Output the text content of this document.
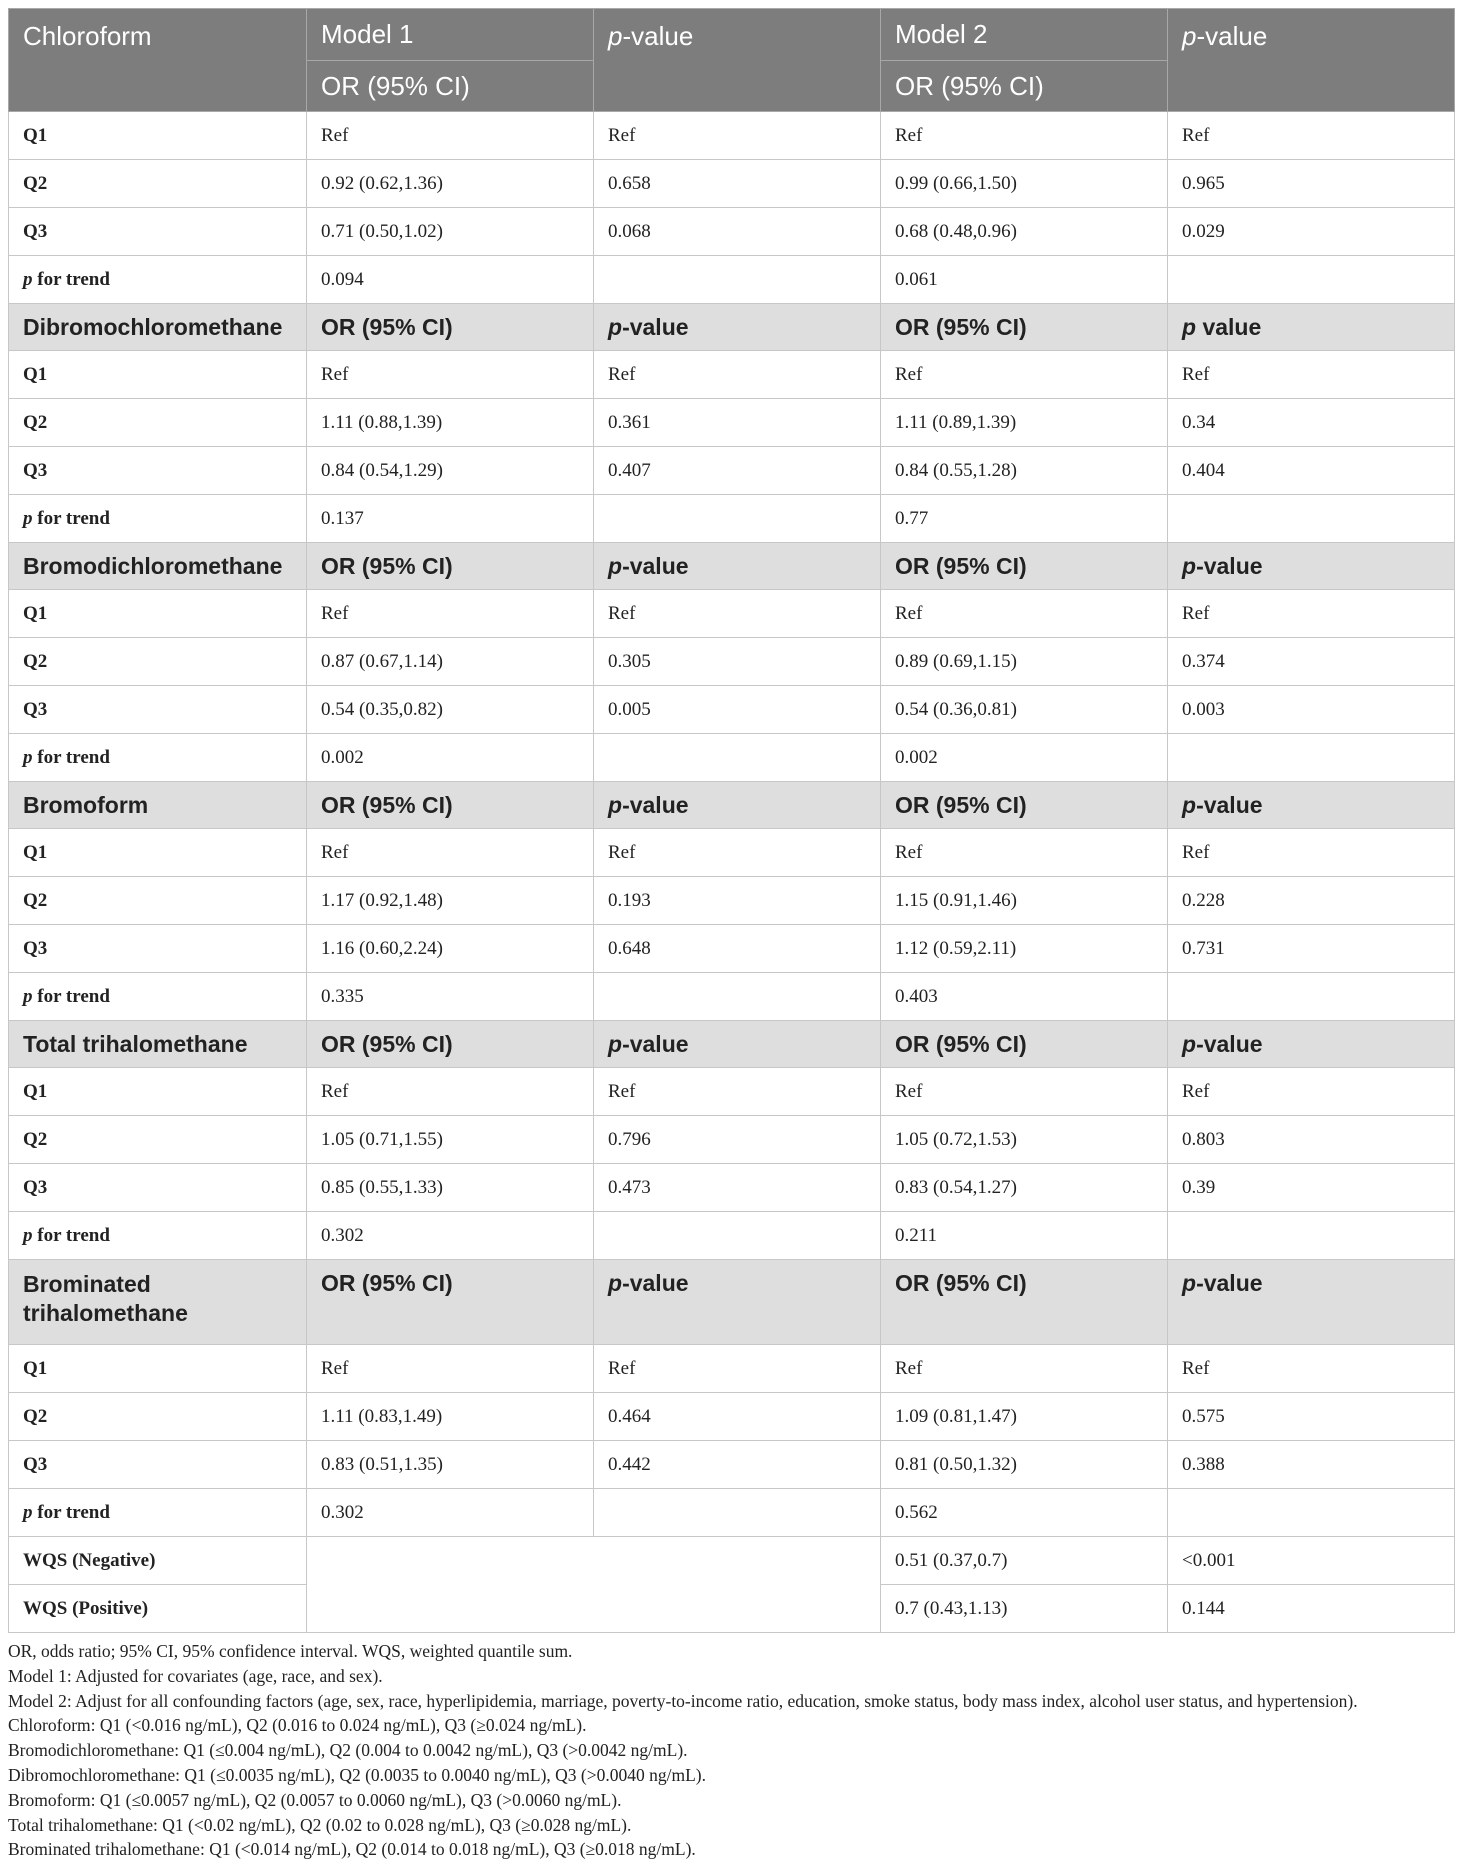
Chloroform	Model 1	p-value	Model 2	p-value
	OR (95% CI)		OR (95% CI)	
Q1	Ref	Ref	Ref	Ref
Q2	0.92 (0.62,1.36)	0.658	0.99 (0.66,1.50)	0.965
Q3	0.71 (0.50,1.02)	0.068	0.68 (0.48,0.96)	0.029
p for trend	0.094		0.061	
Dibromochloromethane	OR (95% CI)	p-value	OR (95% CI)	p value
Q1	Ref	Ref	Ref	Ref
Q2	1.11 (0.88,1.39)	0.361	1.11 (0.89,1.39)	0.34
Q3	0.84 (0.54,1.29)	0.407	0.84 (0.55,1.28)	0.404
p for trend	0.137		0.77	
Bromodichloromethane	OR (95% CI)	p-value	OR (95% CI)	p-value
Q1	Ref	Ref	Ref	Ref
Q2	0.87 (0.67,1.14)	0.305	0.89 (0.69,1.15)	0.374
Q3	0.54 (0.35,0.82)	0.005	0.54 (0.36,0.81)	0.003
p for trend	0.002		0.002	
Bromoform	OR (95% CI)	p-value	OR (95% CI)	p-value
Q1	Ref	Ref	Ref	Ref
Q2	1.17 (0.92,1.48)	0.193	1.15 (0.91,1.46)	0.228
Q3	1.16 (0.60,2.24)	0.648	1.12 (0.59,2.11)	0.731
p for trend	0.335		0.403	
Total trihalomethane	OR (95% CI)	p-value	OR (95% CI)	p-value
Q1	Ref	Ref	Ref	Ref
Q2	1.05 (0.71,1.55)	0.796	1.05 (0.72,1.53)	0.803
Q3	0.85 (0.55,1.33)	0.473	0.83 (0.54,1.27)	0.39
p for trend	0.302		0.211	
Brominated
trihalomethane	OR (95% CI)	p-value	OR (95% CI)	p-value
Q1	Ref	Ref	Ref	Ref
Q2	1.11 (0.83,1.49)	0.464	1.09 (0.81,1.47)	0.575
Q3	0.83 (0.51,1.35)	0.442	0.81 (0.50,1.32)	0.388
p for trend	0.302		0.562	
WQS (Negative)			0.51 (0.37,0.7)	<0.001
WQS (Positive)			0.7 (0.43,1.13)	0.144
OR, odds ratio; 95% CI, 95% confidence interval. WQS, weighted quantile sum.
Model 1: Adjusted for covariates (age, race, and sex).
Model 2: Adjust for all confounding factors (age, sex, race, hyperlipidemia, marriage, poverty-to-income ratio, education, smoke status, body mass index, alcohol user status, and hypertension).
Chloroform: Q1 (<0.016 ng/mL), Q2 (0.016 to 0.024 ng/mL), Q3 (≥0.024 ng/mL).
Bromodichloromethane: Q1 (≤0.004 ng/mL), Q2 (0.004 to 0.0042 ng/mL), Q3 (>0.0042 ng/mL).
Dibromochloromethane: Q1 (≤0.0035 ng/mL), Q2 (0.0035 to 0.0040 ng/mL), Q3 (>0.0040 ng/mL).
Bromoform: Q1 (≤0.0057 ng/mL), Q2 (0.0057 to 0.0060 ng/mL), Q3 (>0.0060 ng/mL).
Total trihalomethane: Q1 (<0.02 ng/mL), Q2 (0.02 to 0.028 ng/mL), Q3 (≥0.028 ng/mL).
Brominated trihalomethane: Q1 (<0.014 ng/mL), Q2 (0.014 to 0.018 ng/mL), Q3 (≥0.018 ng/mL).
